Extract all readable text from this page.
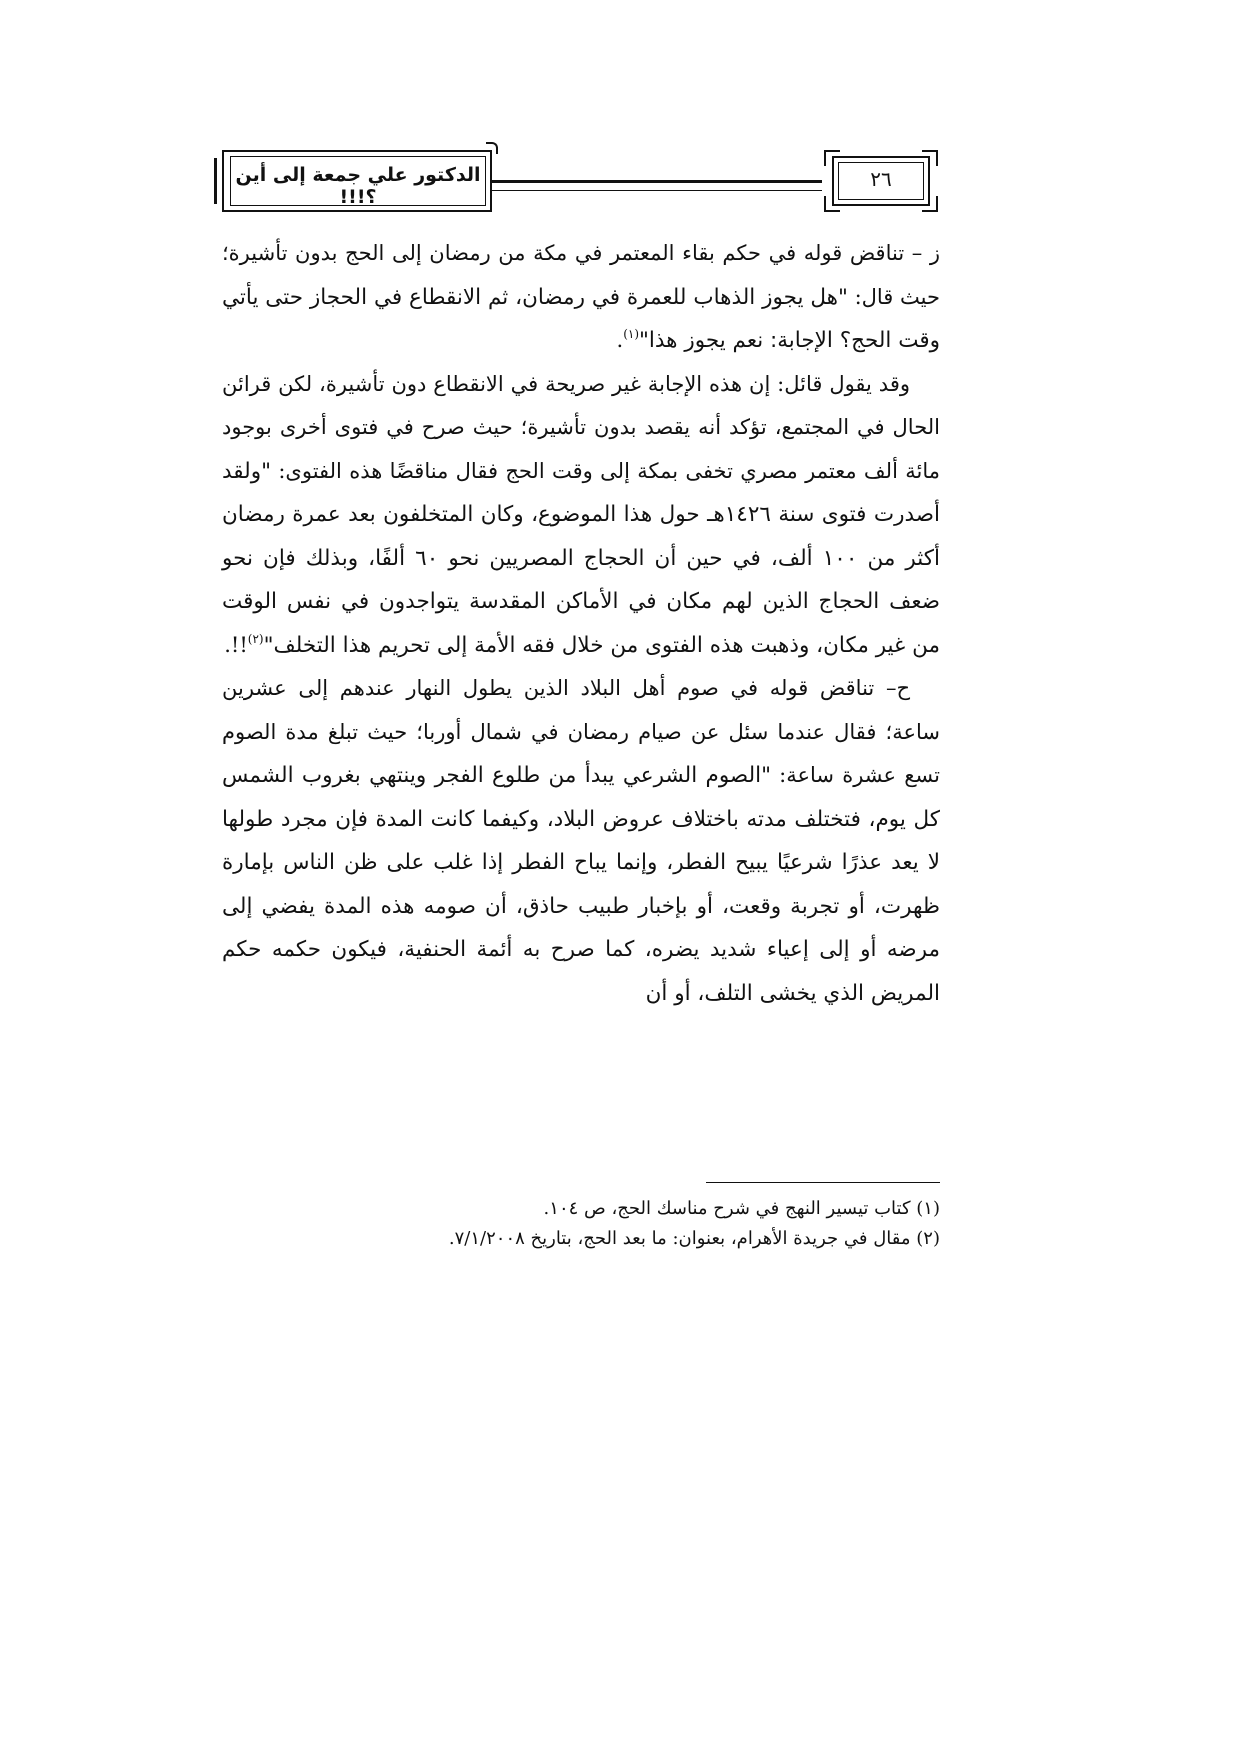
الدكتور علي جمعة إلى أين ؟!!!
٢٦

ز – تناقض قوله في حكم بقاء المعتمر في مكة من رمضان إلى الحج بدون تأشيرة؛ حيث قال: "هل يجوز الذهاب للعمرة في رمضان، ثم الانقطاع في الحجاز حتى يأتي وقت الحج؟ الإجابة: نعم يجوز هذا"$^{(١)}$.

وقد يقول قائل: إن هذه الإجابة غير صريحة في الانقطاع دون تأشيرة، لكن قرائن الحال في المجتمع، تؤكد أنه يقصد بدون تأشيرة؛ حيث صرح في فتوى أخرى بوجود مائة ألف معتمر مصري تخفى بمكة إلى وقت الحج فقال مناقضًا هذه الفتوى: "ولقد أصدرت فتوى سنة ١٤٢٦هـ حول هذا الموضوع، وكان المتخلفون بعد عمرة رمضان أكثر من ١٠٠ ألف، في حين أن الحجاج المصريين نحو ٦٠ ألفًا، وبذلك فإن نحو ضعف الحجاج الذين لهم مكان في الأماكن المقدسة يتواجدون في نفس الوقت من غير مكان، وذهبت هذه الفتوى من خلال فقه الأمة إلى تحريم هذا التخلف"$^{(٢)}$!!.

ح– تناقض قوله في صوم أهل البلاد الذين يطول النهار عندهم إلى عشرين ساعة؛ فقال عندما سئل عن صيام رمضان في شمال أوربا؛ حيث تبلغ مدة الصوم تسع عشرة ساعة: "الصوم الشرعي يبدأ من طلوع الفجر وينتهي بغروب الشمس كل يوم، فتختلف مدته باختلاف عروض البلاد، وكيفما كانت المدة فإن مجرد طولها لا يعد عذرًا شرعيًا يبيح الفطر، وإنما يباح الفطر إذا غلب على ظن الناس بإمارة ظهرت، أو تجربة وقعت، أو بإخبار طبيب حاذق، أن صومه هذه المدة يفضي إلى مرضه أو إلى إعياء شديد يضره، كما صرح به أئمة الحنفية، فيكون حكمه حكم المريض الذي يخشى التلف، أو أن

(١) كتاب تيسير النهج في شرح مناسك الحج، ص ١٠٤.

(٢) مقال في جريدة الأهرام، بعنوان: ما بعد الحج، بتاريخ ٧/١/٢٠٠٨.
